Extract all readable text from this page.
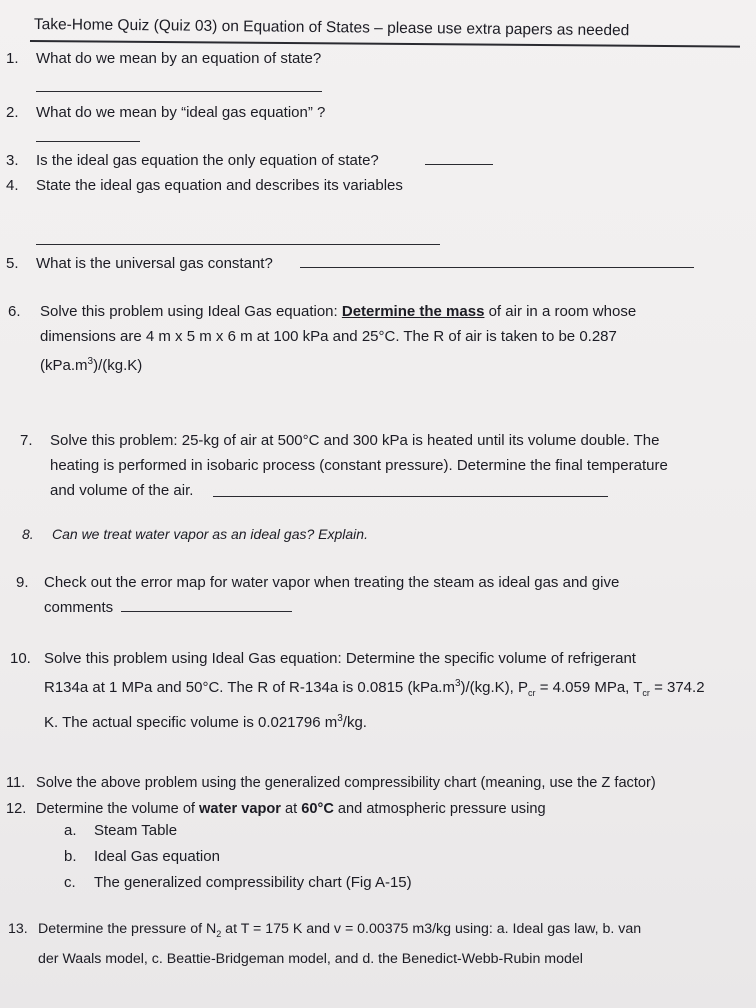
Take-Home Quiz (Quiz 03) on Equation of States – please use extra papers as needed
1. What do we mean by an equation of state?
2. What do we mean by “ideal gas equation” ?
3. Is the ideal gas equation the only equation of state?
4. State the ideal gas equation and describes its variables
5. What is the universal gas constant?
6. Solve this problem using Ideal Gas equation: Determine the mass of air in a room whose
dimensions are 4 m x 5 m x 6 m at 100 kPa and 25°C. The R of air is taken to be 0.287
$(kPa.m^3)/(kg.K)$
7. Solve this problem: 25-kg of air at 500°C and 300 kPa is heated until its volume double. The
heating is performed in isobaric process (constant pressure). Determine the final temperature
and volume of the air.
8. Can we treat water vapor as an ideal gas? Explain.
9. Check out the error map for water vapor when treating the steam as ideal gas and give
comments
10. Solve this problem using Ideal Gas equation: Determine the specific volume of refrigerant
R134a at 1 MPa and 50°C. The R of R-134a is 0.0815 $(kPa.m^3)/(kg.K)$, $P_{cr} = 4.059$ MPa, $T_{cr} = 374.2$
K. The actual specific volume is 0.021796 $m^3/kg$.
11. Solve the above problem using the generalized compressibility chart (meaning, use the Z factor)
12. Determine the volume of water vapor at 60°C and atmospheric pressure using
a. Steam Table
b. Ideal Gas equation
c. The generalized compressibility chart (Fig A-15)
13. Determine the pressure of $N_2$ at T = 175 K and v = 0.00375 m3/kg using: a. Ideal gas law, b. van
der Waals model, c. Beattie-Bridgeman model, and d. the Benedict-Webb-Rubin model
